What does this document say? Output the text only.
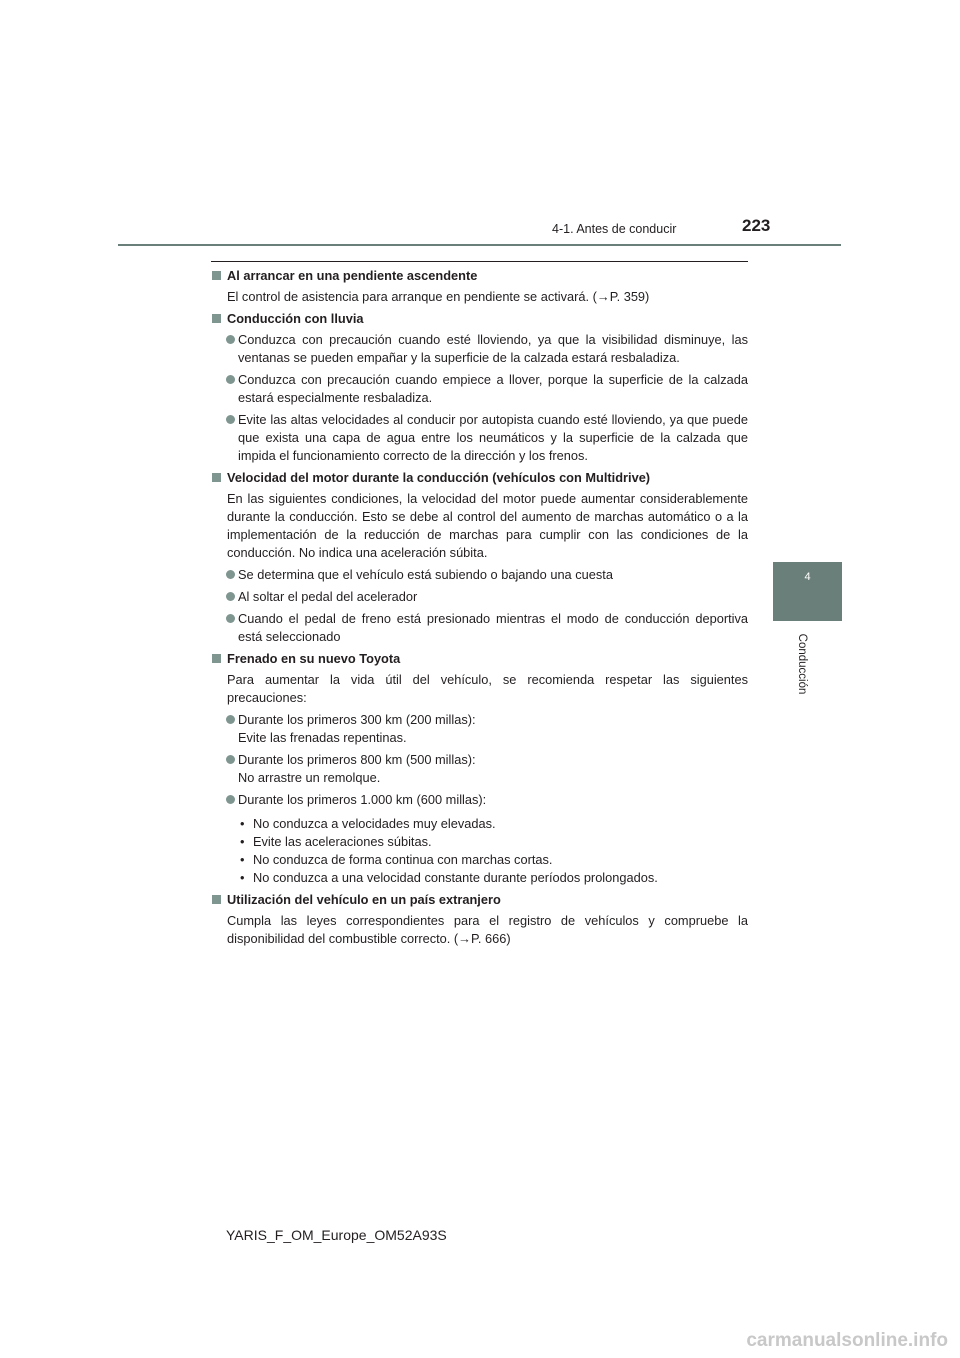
4-1. Antes de conducir	223
4
Conducción
Al arrancar en una pendiente ascendente
El control de asistencia para arranque en pendiente se activará. (→P. 359)
Conducción con lluvia
Conduzca con precaución cuando esté lloviendo, ya que la visibilidad disminuye, las ventanas se pueden empañar y la superficie de la calzada estará resbaladiza.
Conduzca con precaución cuando empiece a llover, porque la superficie de la calzada estará especialmente resbaladiza.
Evite las altas velocidades al conducir por autopista cuando esté lloviendo, ya que puede que exista una capa de agua entre los neumáticos y la superficie de la calzada que impida el funcionamiento correcto de la dirección y los frenos.
Velocidad del motor durante la conducción (vehículos con Multidrive)
En las siguientes condiciones, la velocidad del motor puede aumentar considerablemente durante la conducción. Esto se debe al control del aumento de marchas automático o a la implementación de la reducción de marchas para cumplir con las condiciones de la conducción. No indica una aceleración súbita.
Se determina que el vehículo está subiendo o bajando una cuesta
Al soltar el pedal del acelerador
Cuando el pedal de freno está presionado mientras el modo de conducción deportiva está seleccionado
Frenado en su nuevo Toyota
Para aumentar la vida útil del vehículo, se recomienda respetar las siguientes precauciones:
Durante los primeros 300 km (200 millas):
Evite las frenadas repentinas.
Durante los primeros 800 km (500 millas):
No arrastre un remolque.
Durante los primeros 1.000 km (600 millas):
• No conduzca a velocidades muy elevadas.
• Evite las aceleraciones súbitas.
• No conduzca de forma continua con marchas cortas.
• No conduzca a una velocidad constante durante períodos prolongados.
Utilización del vehículo en un país extranjero
Cumpla las leyes correspondientes para el registro de vehículos y compruebe la disponibilidad del combustible correcto. (→P. 666)
YARIS_F_OM_Europe_OM52A93S
carmanualsonline.info
